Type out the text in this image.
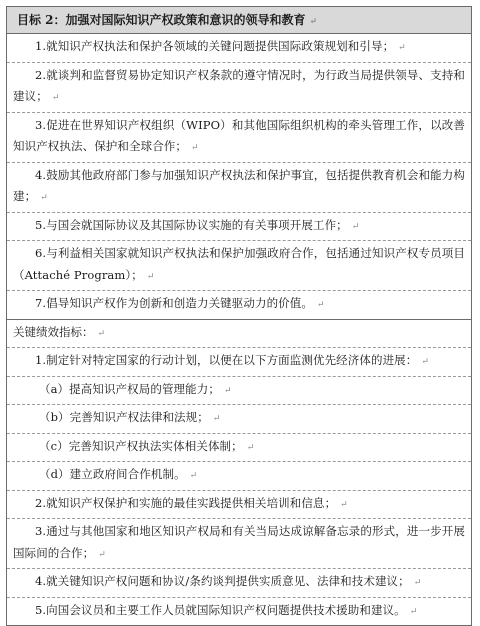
目标 2：加强对国际知识产权政策和意识的领导和教育 ↵
1.就知识产权执法和保护各领域的关键问题提供国际政策规划和引导； ↵
2.就谈判和监督贸易协定知识产权条款的遵守情况时，为行政当局提供领导、支持和建议； ↵
3.促进在世界知识产权组织（WIPO）和其他国际组织机构的牵头管理工作，以改善知识产权执法、保护和全球合作； ↵
4.鼓励其他政府部门参与加强知识产权执法和保护事宜，包括提供教育机会和能力构建； ↵
5.与国会就国际协议及其国际协议实施的有关事项开展工作； ↵
6.与利益相关国家就知识产权执法和保护加强政府合作，包括通过知识产权专员项目（Attaché Program）； ↵
7.倡导知识产权作为创新和创造力关键驱动力的价值。 ↵
关键绩效指标： ↵
1.制定针对特定国家的行动计划，以便在以下方面监测优先经济体的进展： ↵
（a）提高知识产权局的管理能力； ↵
（b）完善知识产权法律和法规； ↵
（c）完善知识产权执法实体相关体制； ↵
（d）建立政府间合作机制。 ↵
2.就知识产权保护和实施的最佳实践提供相关培训和信息； ↵
3.通过与其他国家和地区知识产权局和有关当局达成谅解备忘录的形式，进一步开展国际间的合作； ↵
4.就关键知识产权问题和协议/条约谈判提供实质意见、法律和技术建议； ↵
5.向国会议员和主要工作人员就国际知识产权问题提供技术援助和建议。 ↵
